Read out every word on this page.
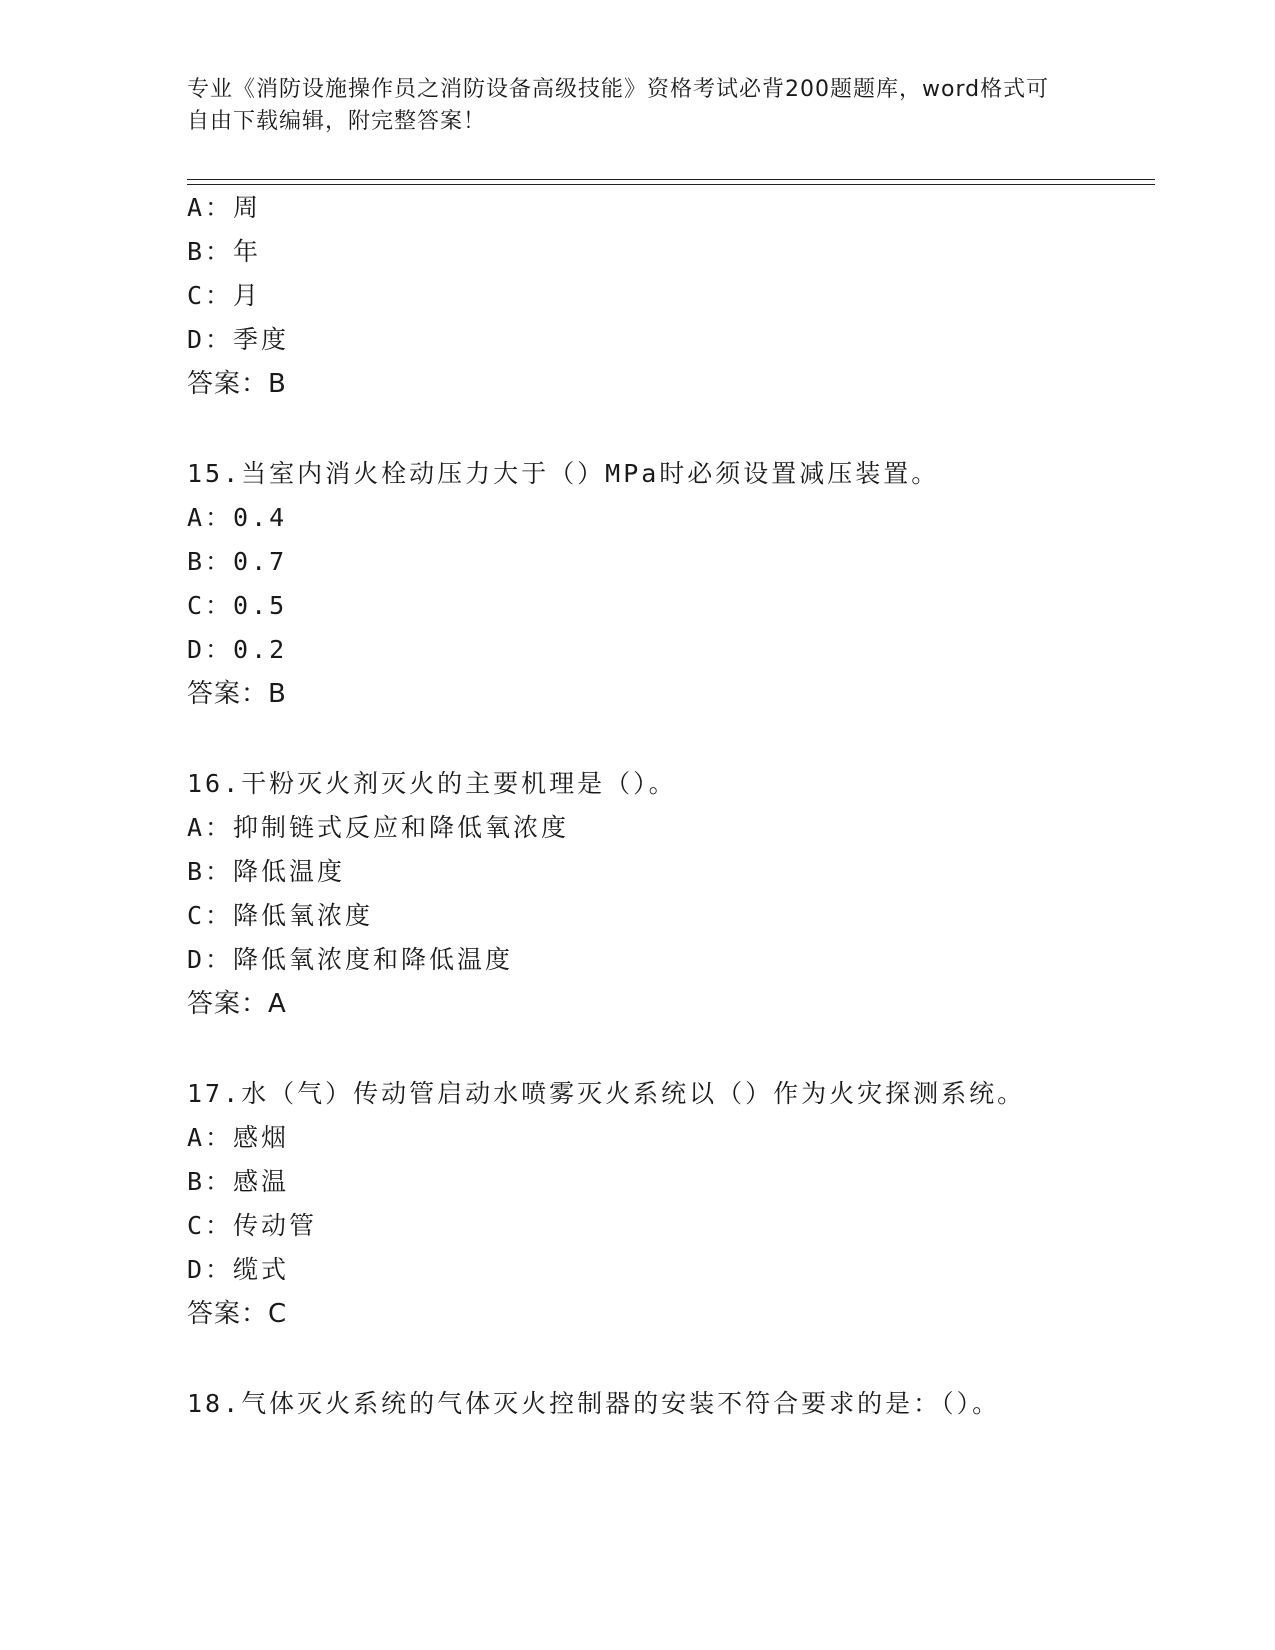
专业《消防设施操作员之消防设备高级技能》资格考试必背200题题库，word格式可自由下载编辑，附完整答案！
A：周
B：年
C：月
D：季度
答案：B
15.当室内消火栓动压力大于（）MPa时必须设置减压装置。
A：0.4
B：0.7
C：0.5
D：0.2
答案：B
16.干粉灭火剂灭火的主要机理是（）。
A：抑制链式反应和降低氧浓度
B：降低温度
C：降低氧浓度
D：降低氧浓度和降低温度
答案：A
17.水（气）传动管启动水喷雾灭火系统以（）作为火灾探测系统。
A：感烟
B：感温
C：传动管
D：缆式
答案：C
18.气体灭火系统的气体灭火控制器的安装不符合要求的是：（）。
